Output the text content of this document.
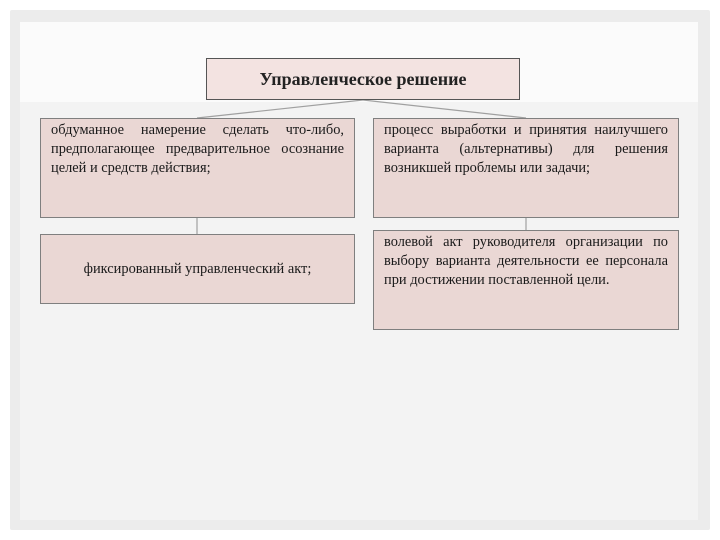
Управленческое решение
обдуманное намерение сделать что-либо, предполагающее предварительное осознание целей и средств действия;
процесс выработки и принятия наилучшего варианта (альтернативы) для решения возникшей проблемы или задачи;
фиксированный управленческий акт;
волевой акт руководителя организации по выбору варианта деятельности ее персонала при достижении поставленной цели.
